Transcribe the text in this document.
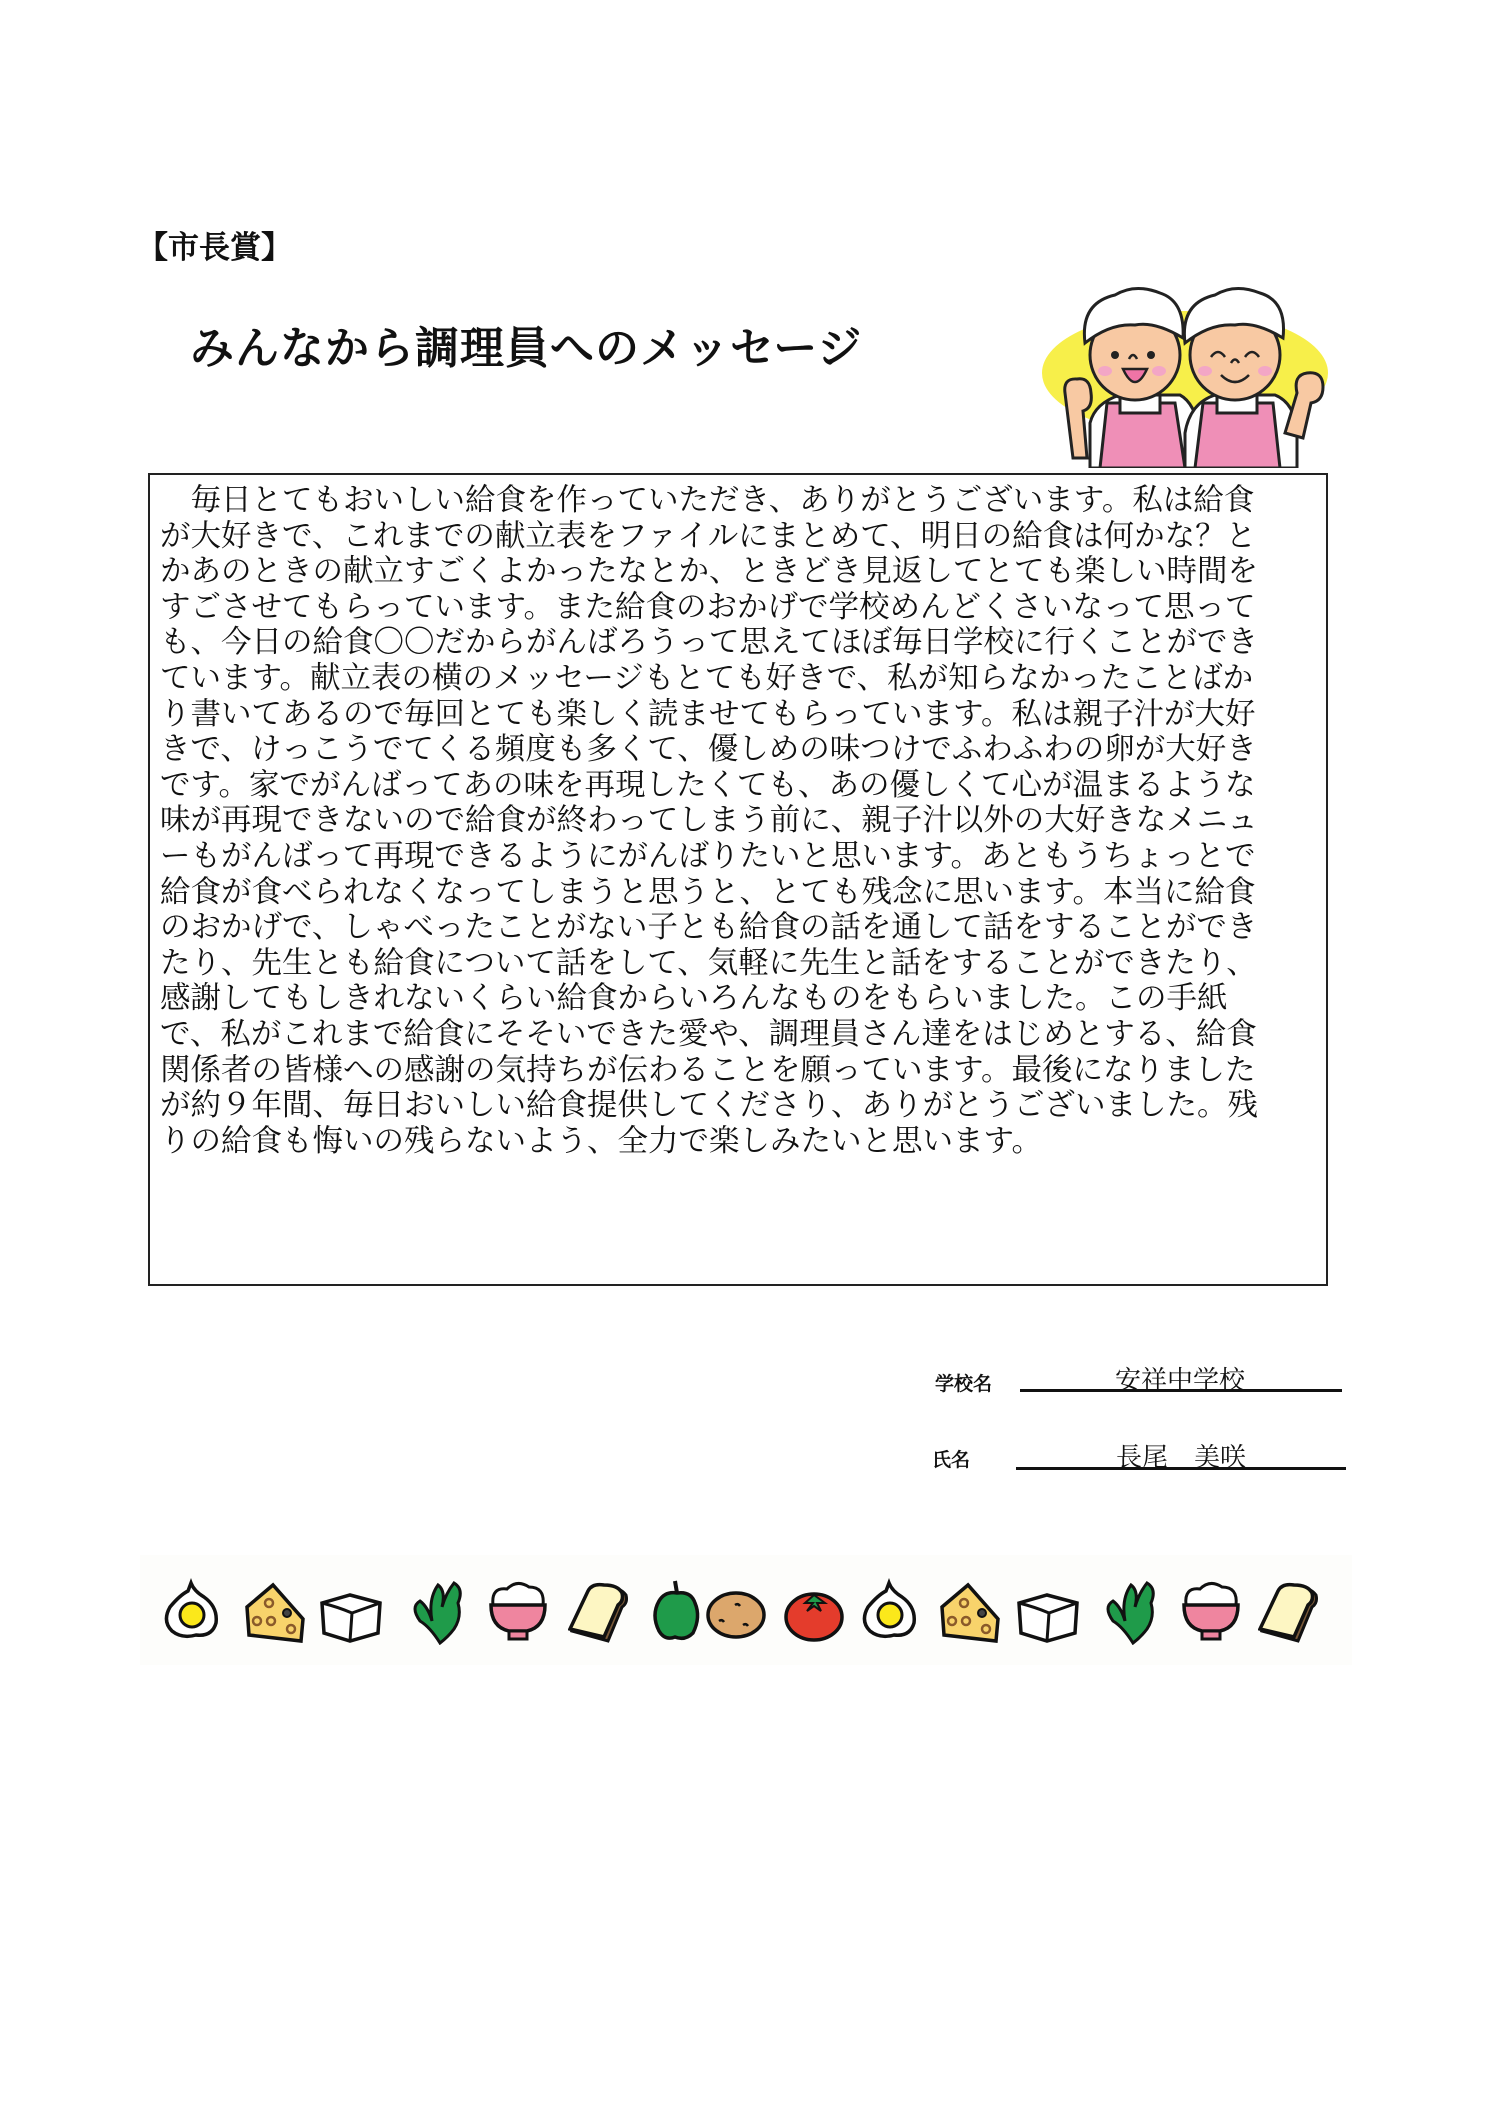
【市長賞】
みんなから調理員へのメッセージ
　毎日とてもおいしい給食を作っていただき、ありがとうございます。私は給食
が大好きで、これまでの献立表をファイルにまとめて、明日の給食は何かな？と
かあのときの献立すごくよかったなとか、ときどき見返してとても楽しい時間を
すごさせてもらっています。また給食のおかげで学校めんどくさいなって思って
も、今日の給食〇〇だからがんばろうって思えてほぼ毎日学校に行くことができ
ています。献立表の横のメッセージもとても好きで、私が知らなかったことばか
り書いてあるので毎回とても楽しく読ませてもらっています。私は親子汁が大好
きで、けっこうでてくる頻度も多くて、優しめの味つけでふわふわの卵が大好き
です。家でがんばってあの味を再現したくても、あの優しくて心が温まるような
味が再現できないので給食が終わってしまう前に、親子汁以外の大好きなメニュ
ーもがんばって再現できるようにがんばりたいと思います。あともうちょっとで
給食が食べられなくなってしまうと思うと、とても残念に思います。本当に給食
のおかげで、しゃべったことがない子とも給食の話を通して話をすることができ
たり、先生とも給食について話をして、気軽に先生と話をすることができたり、
感謝してもしきれないくらい給食からいろんなものをもらいました。この手紙
で、私がこれまで給食にそそいできた愛や、調理員さん達をはじめとする、給食
関係者の皆様への感謝の気持ちが伝わることを願っています。最後になりました
が約９年間、毎日おいしい給食提供してくださり、ありがとうございました。残
りの給食も悔いの残らないよう、全力で楽しみたいと思います。
学校名	安祥中学校
氏名	長尾　美咲
